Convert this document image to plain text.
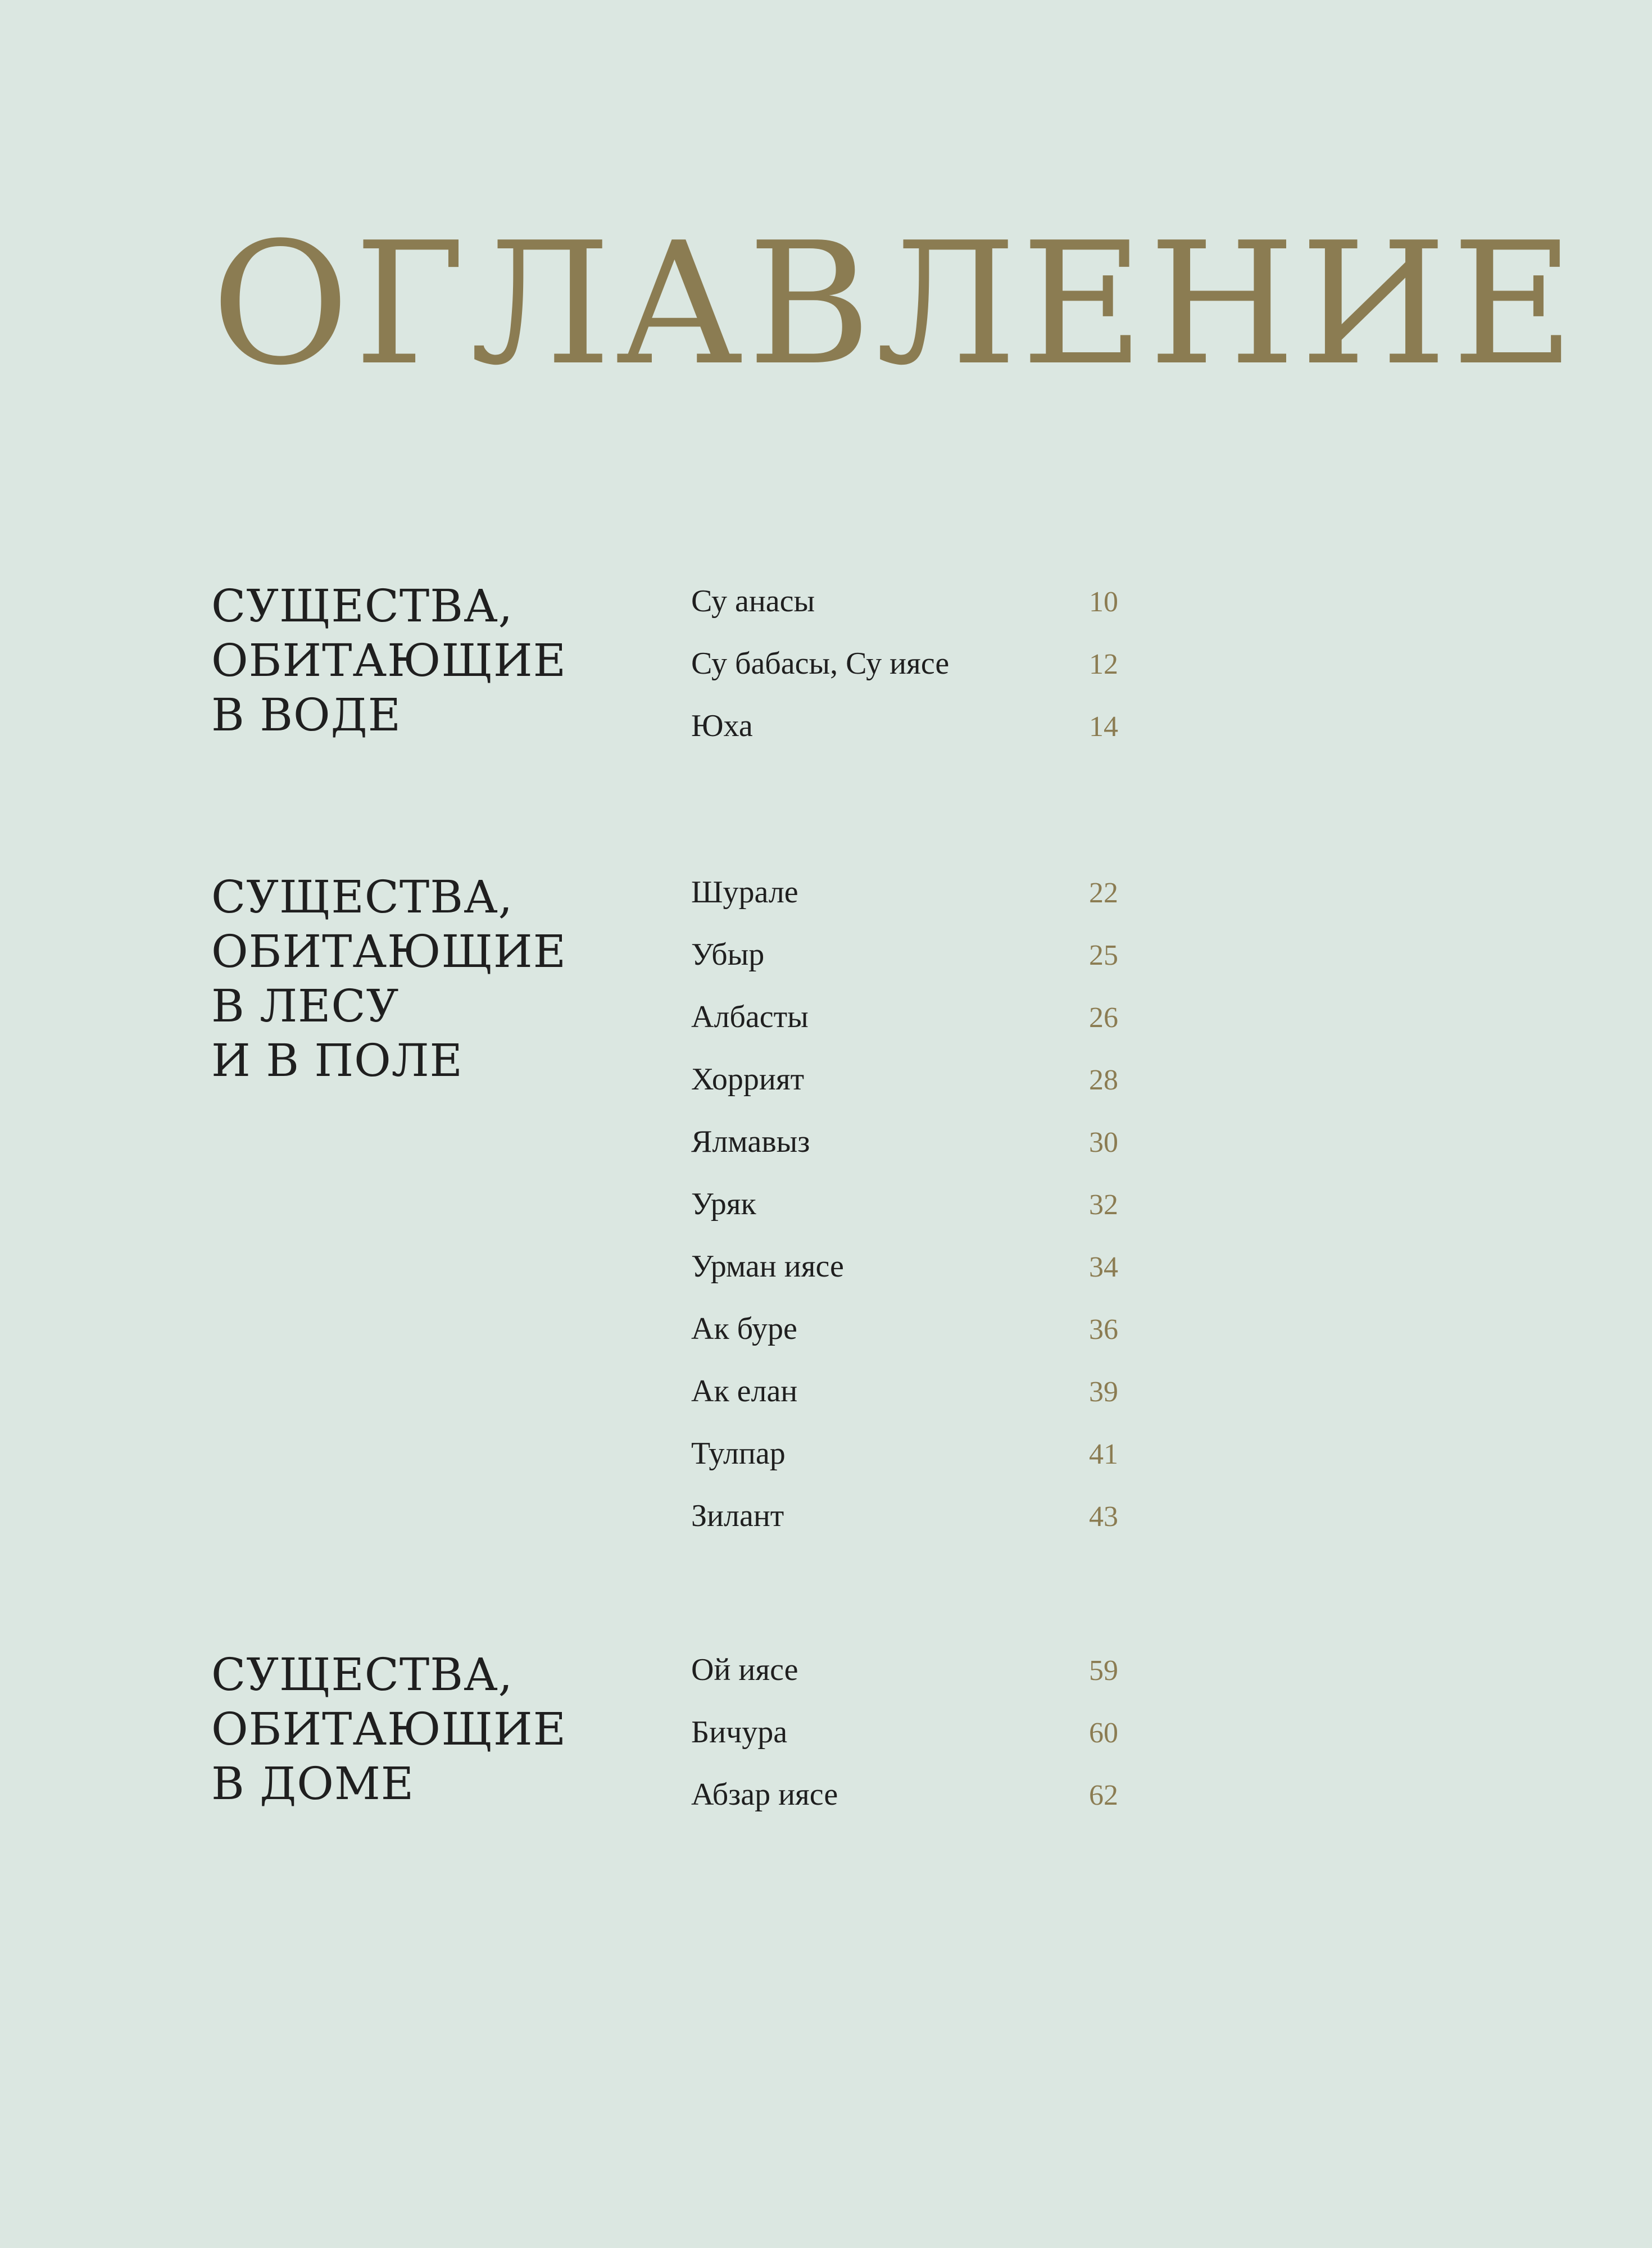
ОГЛАВЛЕНИЕ
СУЩЕСТВА,
ОБИТАЮЩИЕ
В ВОДЕ
Су анасы	10
Су бабасы, Су иясе	12
Юха	14
СУЩЕСТВА,
ОБИТАЮЩИЕ
В ЛЕСУ
И В ПОЛЕ
Шурале	22
Убыр	25
Албасты	26
Хоррият	28
Ялмавыз	30
Уряк	32
Урман иясе	34
Ак буре	36
Ак елан	39
Тулпар	41
Зилант	43
СУЩЕСТВА,
ОБИТАЮЩИЕ
В ДОМЕ
Ой иясе	59
Бичура	60
Абзар иясе	62
